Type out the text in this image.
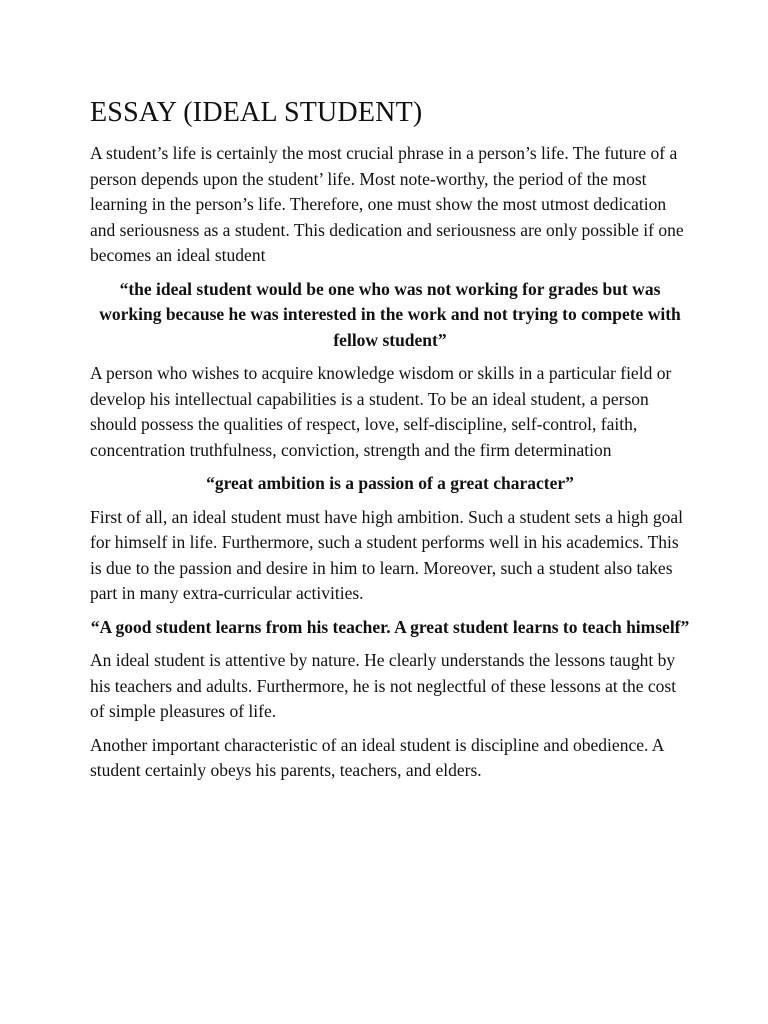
ESSAY (IDEAL STUDENT)

A student’s life is certainly the most crucial phrase in a person’s life. The future of a person depends upon the student’ life. Most note-worthy, the period of the most learning in the person’s life. Therefore, one must show the most utmost dedication and seriousness as a student. This dedication and seriousness are only possible if one becomes an ideal student

“the ideal student would be one who was not working for grades but was working because he was interested in the work and not trying to compete with fellow student”

A person who wishes to acquire knowledge wisdom or skills in a particular field or develop his intellectual capabilities is a student. To be an ideal student, a person should possess the qualities of respect, love, self-discipline, self-control, faith, concentration truthfulness, conviction, strength and the firm determination

“great ambition is a passion of a great character”

First of all, an ideal student must have high ambition. Such a student sets a high goal for himself in life. Furthermore, such a student performs well in his academics. This is due to the passion and desire in him to learn. Moreover, such a student also takes part in many extra-curricular activities.

“A good student learns from his teacher. A great student learns to teach himself”

An ideal student is attentive by nature. He clearly understands the lessons taught by his teachers and adults. Furthermore, he is not neglectful of these lessons at the cost of simple pleasures of life.

Another important characteristic of an ideal student is discipline and obedience. A student certainly obeys his parents, teachers, and elders.
